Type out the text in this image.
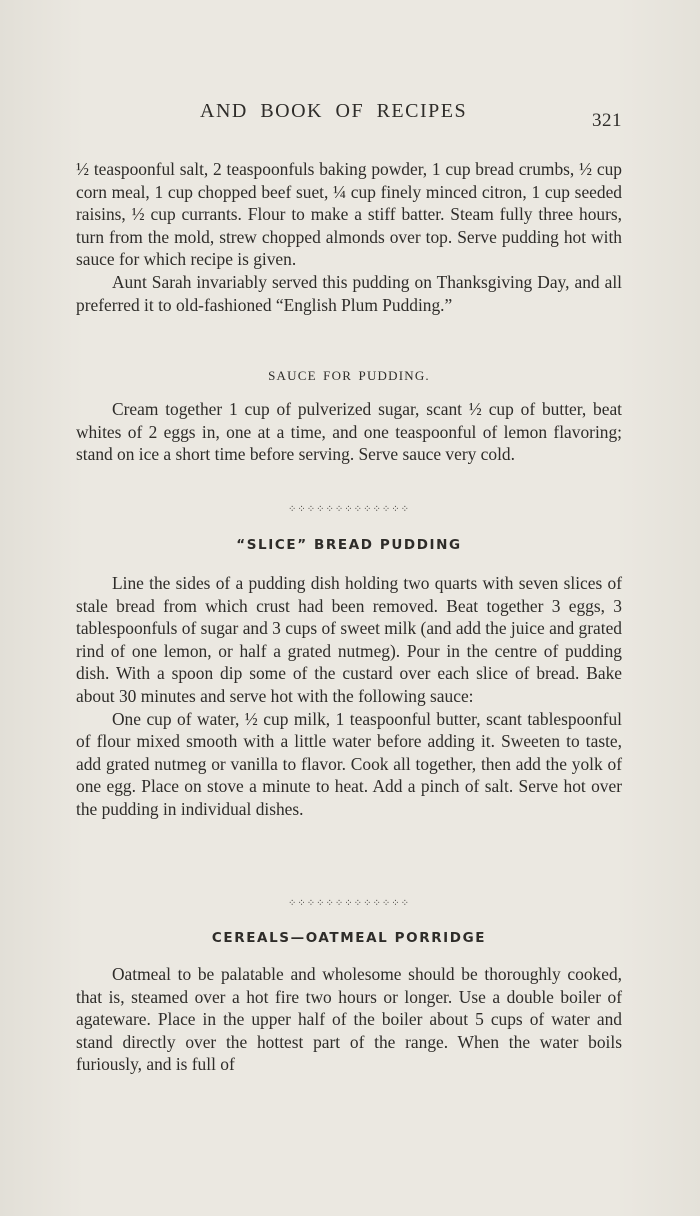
AND BOOK OF RECIPES	321

½ teaspoonful salt, 2 teaspoonfuls baking powder, 1 cup bread crumbs, ½ cup corn meal, 1 cup chopped beef suet, ¼ cup finely minced citron, 1 cup seeded raisins, ½ cup currants. Flour to make a stiff batter. Steam fully three hours, turn from the mold, strew chopped almonds over top. Serve pudding hot with sauce for which recipe is given.

Aunt Sarah invariably served this pudding on Thanksgiving Day, and all preferred it to old-fashioned “English Plum Pudding.”

SAUCE FOR PUDDING.

Cream together 1 cup of pulverized sugar, scant ½ cup of butter, beat whites of 2 eggs in, one at a time, and one teaspoonful of lemon flavoring; stand on ice a short time before serving. Serve sauce very cold.

⁘⁘⁘⁘⁘⁘⁘⁘⁘⁘⁘⁘⁘
“SLICE” BREAD PUDDING

Line the sides of a pudding dish holding two quarts with seven slices of stale bread from which crust had been removed. Beat together 3 eggs, 3 tablespoonfuls of sugar and 3 cups of sweet milk (and add the juice and grated rind of one lemon, or half a grated nutmeg). Pour in the centre of pudding dish. With a spoon dip some of the custard over each slice of bread. Bake about 30 minutes and serve hot with the following sauce:

One cup of water, ½ cup milk, 1 teaspoonful butter, scant tablespoonful of flour mixed smooth with a little water before adding it. Sweeten to taste, add grated nutmeg or vanilla to flavor. Cook all together, then add the yolk of one egg. Place on stove a minute to heat. Add a pinch of salt. Serve hot over the pudding in individual dishes.

⁘⁘⁘⁘⁘⁘⁘⁘⁘⁘⁘⁘⁘
CEREALS—OATMEAL PORRIDGE

Oatmeal to be palatable and wholesome should be thoroughly cooked, that is, steamed over a hot fire two hours or longer. Use a double boiler of agateware. Place in the upper half of the boiler about 5 cups of water and stand directly over the hottest part of the range. When the water boils furiously, and is full of
